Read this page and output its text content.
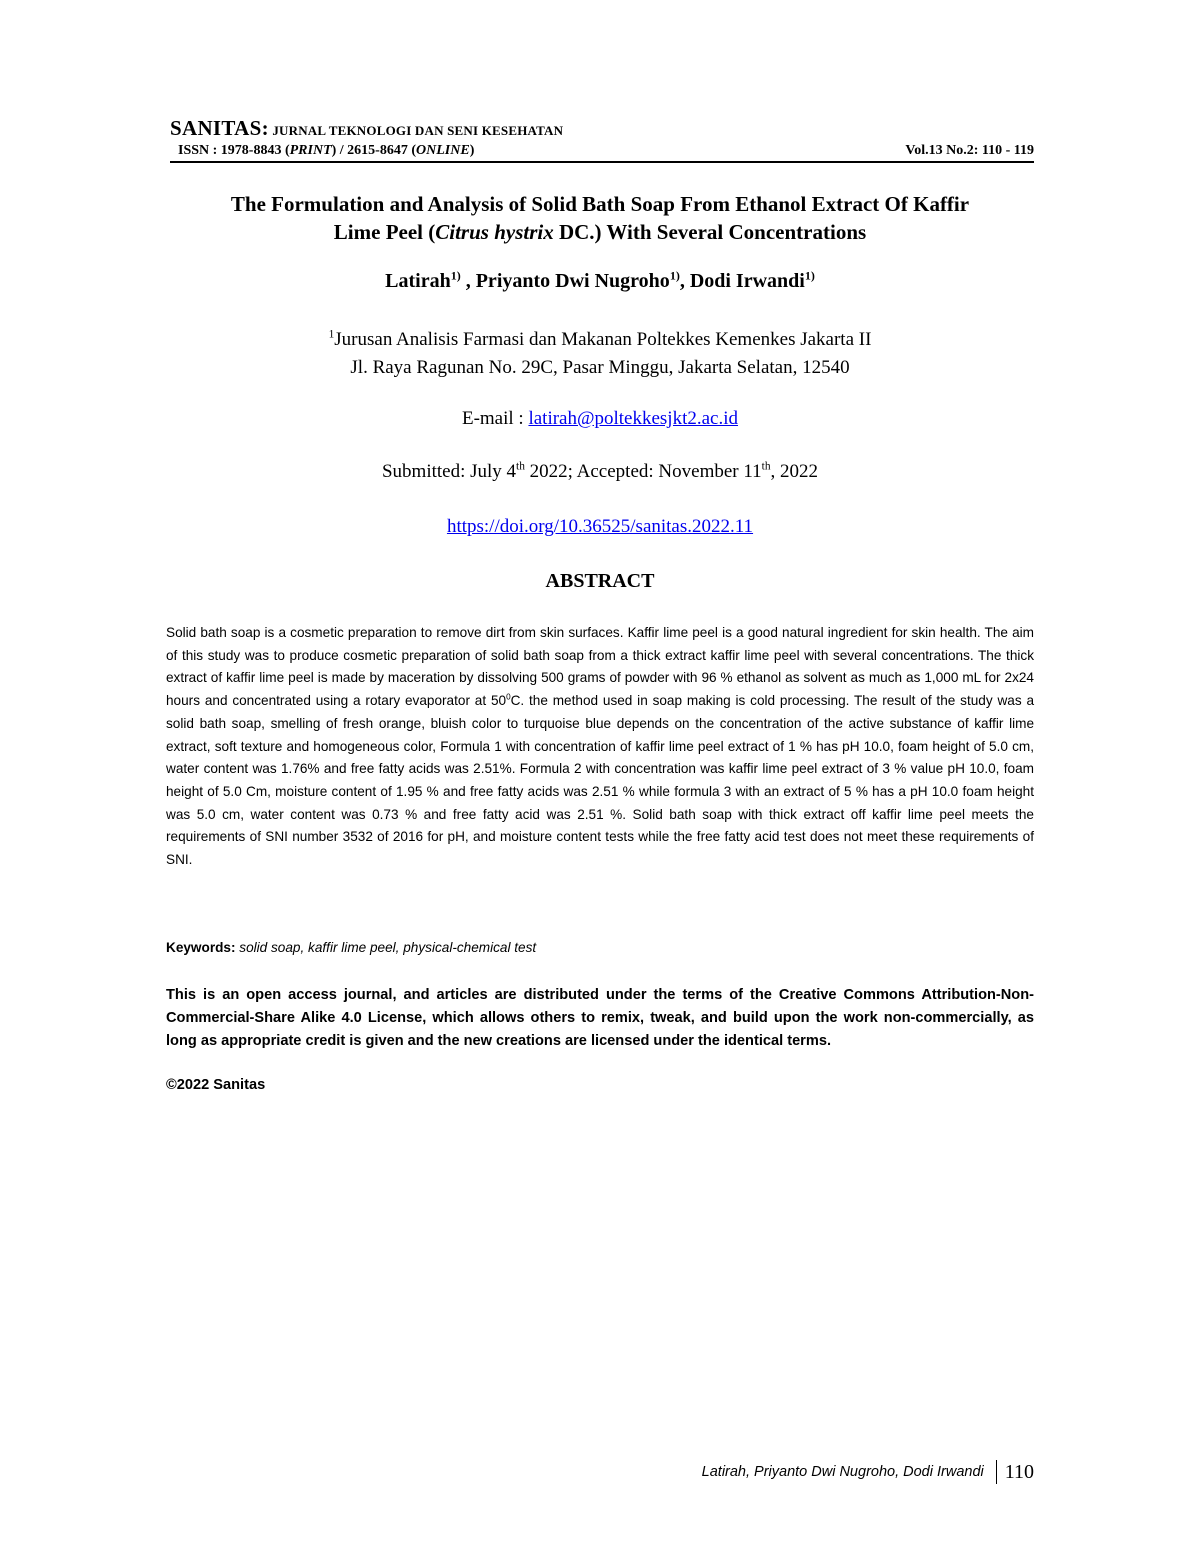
SANITAS: JURNAL TEKNOLOGI DAN SENI KESEHATAN
ISSN : 1978-8843 (PRINT) / 2615-8647 (ONLINE)	Vol.13 No.2: 110 - 119
The Formulation and Analysis of Solid Bath Soap From Ethanol Extract Of Kaffir
Lime Peel (Citrus hystrix DC.) With Several Concentrations
Latirah$^{1)}$ , Priyanto Dwi Nugroho$^{1)}$, Dodi Irwandi$^{1)}$
$^1$Jurusan Analisis Farmasi dan Makanan Poltekkes Kemenkes Jakarta II
Jl. Raya Ragunan No. 29C, Pasar Minggu, Jakarta Selatan, 12540
E-mail : latirah@poltekkesjkt2.ac.id
Submitted: July 4th 2022; Accepted: November 11th, 2022
https://doi.org/10.36525/sanitas.2022.11
ABSTRACT
Solid bath soap is a cosmetic preparation to remove dirt from skin surfaces. Kaffir lime peel is a good natural ingredient for skin health. The aim of this study was to produce cosmetic preparation of solid bath soap from a thick extract kaffir lime peel with several concentrations. The thick extract of kaffir lime peel is made by maceration by dissolving 500 grams of powder with 96 % ethanol as solvent as much as 1,000 mL for 2x24 hours and concentrated using a rotary evaporator at $50^0C$. the method used in soap making is cold processing. The result of the study was a solid bath soap, smelling of fresh orange, bluish color to turquoise blue depends on the concentration of the active substance of kaffir lime extract, soft texture and homogeneous color, Formula 1 with concentration of kaffir lime peel extract of 1 % has pH 10.0, foam height of 5.0 cm, water content was 1.76% and free fatty acids was 2.51%. Formula 2 with concentration was kaffir lime peel extract of 3 % value pH 10.0, foam height of 5.0 Cm, moisture content of 1.95 % and free fatty acids was 2.51 % while formula 3 with an extract of 5 % has a pH 10.0 foam height was 5.0 cm, water content was 0.73 % and free fatty acid was 2.51 %. Solid bath soap with thick extract off kaffir lime peel meets the requirements of SNI number 3532 of 2016 for pH, and moisture content tests while the free fatty acid test does not meet these requirements of SNI.
Keywords: solid soap, kaffir lime peel, physical-chemical test
This is an open access journal, and articles are distributed under the terms of the Creative Commons Attribution-Non-Commercial-Share Alike 4.0 License, which allows others to remix, tweak, and build upon the work non-commercially, as long as appropriate credit is given and the new creations are licensed under the identical terms.
©2022 Sanitas
Latirah, Priyanto Dwi Nugroho, Dodi Irwandi 110
